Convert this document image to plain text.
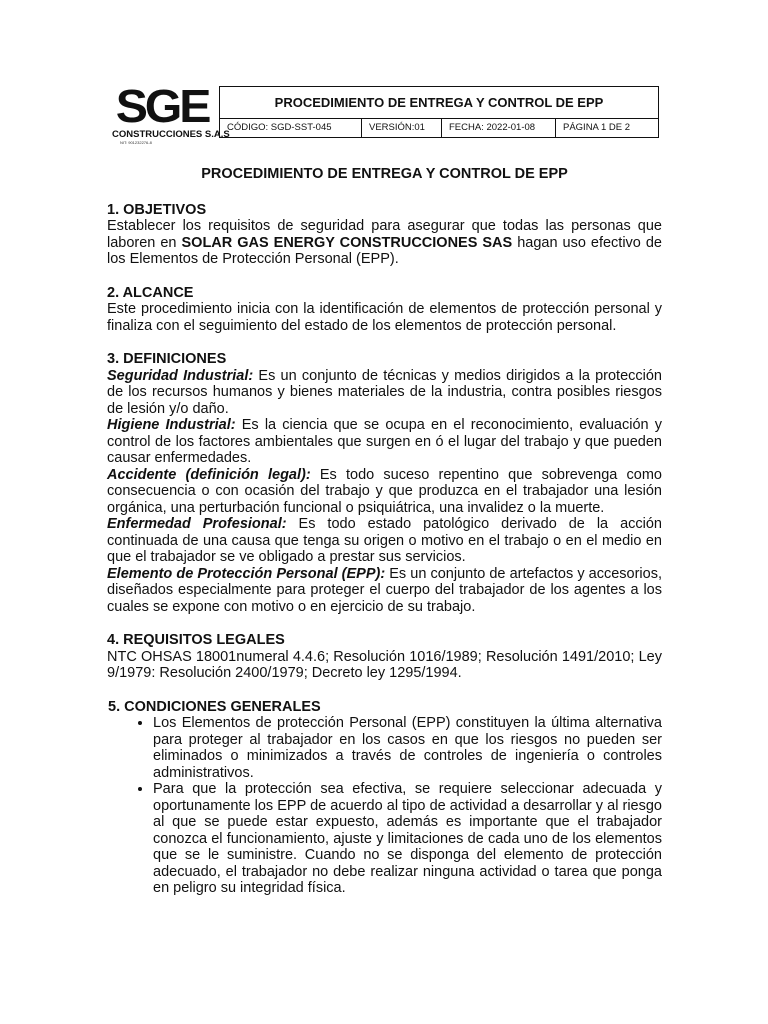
SGE
CONSTRUCCIONES S.A.S
NIT: 901232276-8
PROCEDIMIENTO DE ENTREGA Y CONTROL DE EPP
CÓDIGO: SGD-SST-045	VERSIÓN:01	FECHA: 2022-01-08	PÁGINA 1 DE 2
PROCEDIMIENTO DE ENTREGA Y CONTROL DE EPP
1. OBJETIVOS

Establecer los requisitos de seguridad para asegurar que todas las personas que laboren en SOLAR GAS ENERGY CONSTRUCCIONES SAS hagan uso efectivo de los Elementos de Protección Personal (EPP).

2. ALCANCE

Este procedimiento inicia con la identificación de elementos de protección personal y finaliza con el seguimiento del estado de los elementos de protección personal.

3. DEFINICIONES

Seguridad Industrial: Es un conjunto de técnicas y medios dirigidos a la protección de los recursos humanos y bienes materiales de la industria, contra posibles riesgos de lesión y/o daño.

Higiene Industrial: Es la ciencia que se ocupa en el reconocimiento, evaluación y control de los factores ambientales que surgen en ó el lugar del trabajo y que pueden causar enfermedades.

Accidente (definición legal): Es todo suceso repentino que sobrevenga como consecuencia o con ocasión del trabajo y que produzca en el trabajador una lesión orgánica, una perturbación funcional o psiquiátrica, una invalidez o la muerte.

Enfermedad Profesional: Es todo estado patológico derivado de la acción continuada de una causa que tenga su origen o motivo en el trabajo o en el medio en que el trabajador se ve obligado a prestar sus servicios.

Elemento de Protección Personal (EPP): Es un conjunto de artefactos y accesorios, diseñados especialmente para proteger el cuerpo del trabajador de los agentes a los cuales se expone con motivo o en ejercicio de su trabajo.

4. REQUISITOS LEGALES

NTC OHSAS 18001numeral 4.4.6; Resolución 1016/1989; Resolución 1491/2010; Ley 9/1979: Resolución 2400/1979; Decreto ley 1295/1994.

5. CONDICIONES GENERALES
• Los Elementos de protección Personal (EPP) constituyen la última alternativa para proteger al trabajador en los casos en que los riesgos no pueden ser eliminados o minimizados a través de controles de ingeniería o controles administrativos.
• Para que la protección sea efectiva, se requiere seleccionar adecuada y oportunamente los EPP de acuerdo al tipo de actividad a desarrollar y al riesgo al que se puede estar expuesto, además es importante que el trabajador conozca el funcionamiento, ajuste y limitaciones de cada uno de los elementos que se le suministre. Cuando no se disponga del elemento de protección adecuado, el trabajador no debe realizar ninguna actividad o tarea que ponga en peligro su integridad física.
